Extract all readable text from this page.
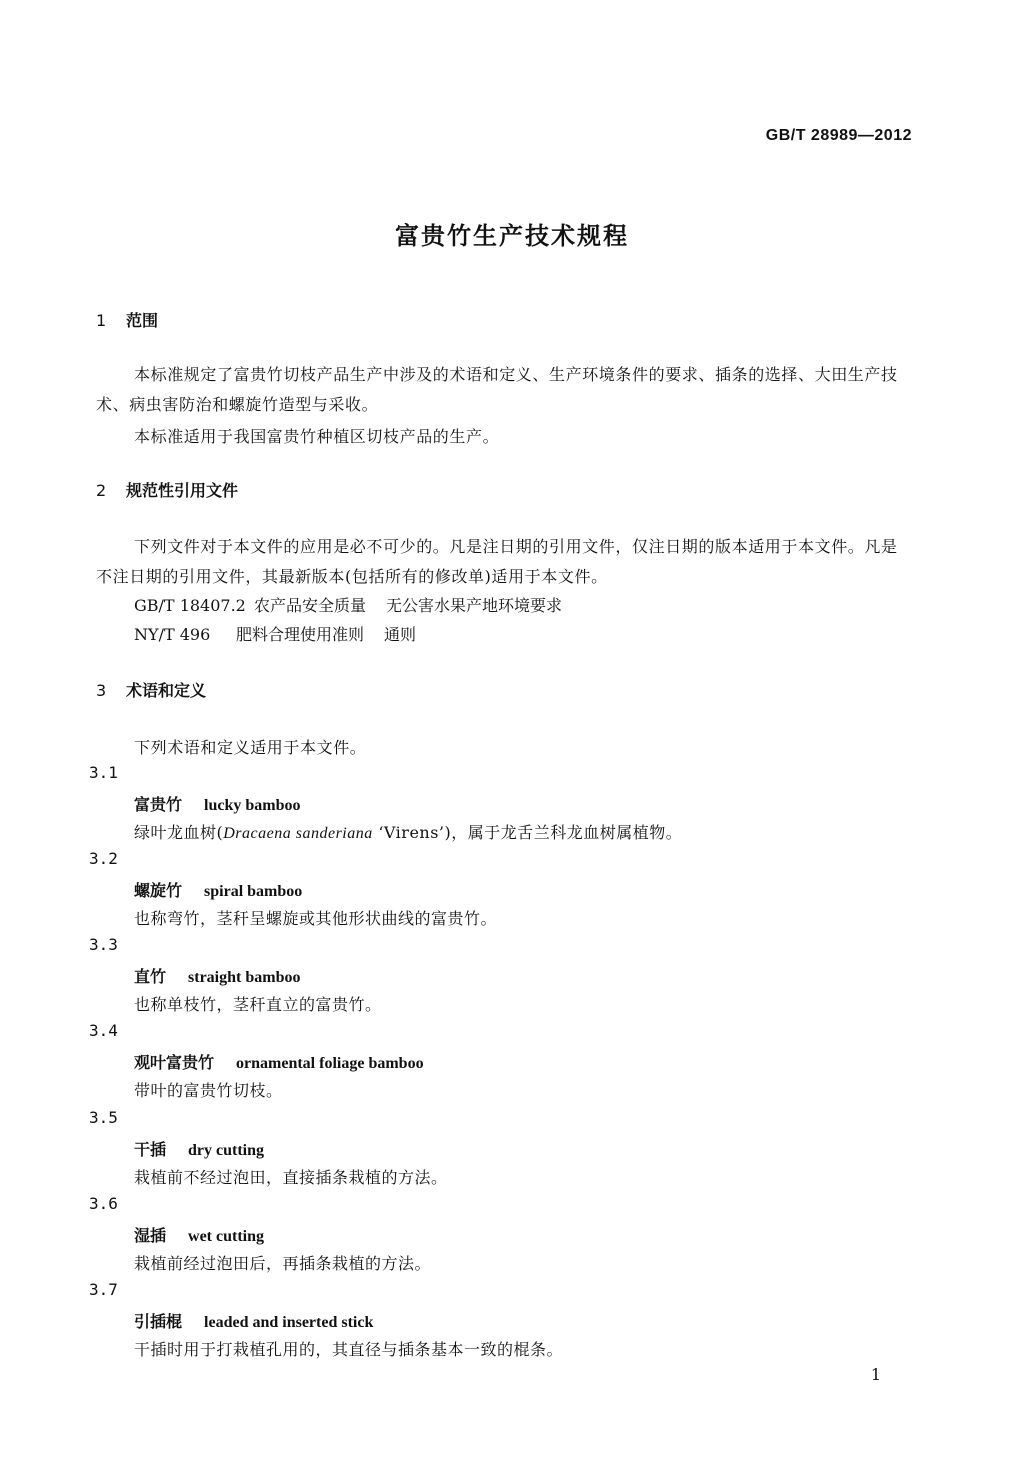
GB/T 28989—2012
富贵竹生产技术规程
1 范围
本标准规定了富贵竹切枝产品生产中涉及的术语和定义、生产环境条件的要求、插条的选择、大田生产技术、病虫害防治和螺旋竹造型与采收。
本标准适用于我国富贵竹种植区切枝产品的生产。
2 规范性引用文件
下列文件对于本文件的应用是必不可少的。凡是注日期的引用文件，仅注日期的版本适用于本文件。凡是不注日期的引用文件，其最新版本(包括所有的修改单)适用于本文件。
GB/T 18407.2 农产品安全质量 无公害水果产地环境要求
NY/T 496 肥料合理使用准则 通则
3 术语和定义
下列术语和定义适用于本文件。
3.1
富贵竹 lucky bamboo
绿叶龙血树(Dracaena sanderiana ‘Virens’)，属于龙舌兰科龙血树属植物。
3.2
螺旋竹 spiral bamboo
也称弯竹，茎秆呈螺旋或其他形状曲线的富贵竹。
3.3
直竹 straight bamboo
也称单枝竹，茎秆直立的富贵竹。
3.4
观叶富贵竹 ornamental foliage bamboo
带叶的富贵竹切枝。
3.5
干插 dry cutting
栽植前不经过泡田，直接插条栽植的方法。
3.6
湿插 wet cutting
栽植前经过泡田后，再插条栽植的方法。
3.7
引插棍 leaded and inserted stick
干插时用于打栽植孔用的，其直径与插条基本一致的棍条。
1
